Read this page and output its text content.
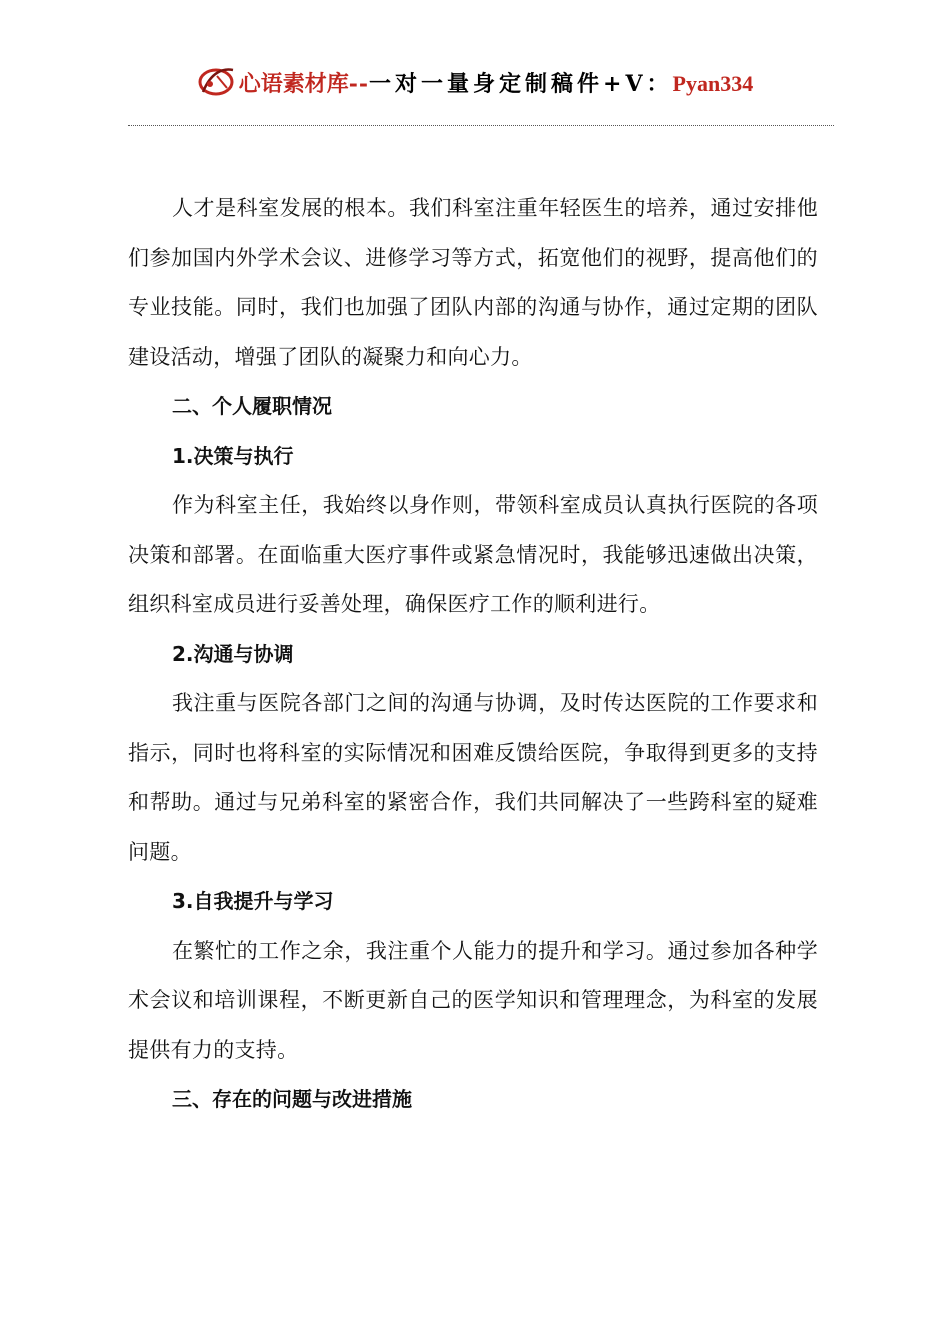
心语素材库 -- 一对一量身定制稿件+V： Pyan334

人才是科室发展的根本。我们科室注重年轻医生的培养，通过安排他们参加国内外学术会议、进修学习等方式，拓宽他们的视野，提高他们的专业技能。同时，我们也加强了团队内部的沟通与协作，通过定期的团队建设活动，增强了团队的凝聚力和向心力。

二、个人履职情况

1.决策与执行

作为科室主任，我始终以身作则，带领科室成员认真执行医院的各项决策和部署。在面临重大医疗事件或紧急情况时，我能够迅速做出决策，组织科室成员进行妥善处理，确保医疗工作的顺利进行。

2.沟通与协调

我注重与医院各部门之间的沟通与协调，及时传达医院的工作要求和指示，同时也将科室的实际情况和困难反馈给医院，争取得到更多的支持和帮助。通过与兄弟科室的紧密合作，我们共同解决了一些跨科室的疑难问题。

3.自我提升与学习

在繁忙的工作之余，我注重个人能力的提升和学习。通过参加各种学术会议和培训课程，不断更新自己的医学知识和管理理念，为科室的发展提供有力的支持。

三、存在的问题与改进措施
